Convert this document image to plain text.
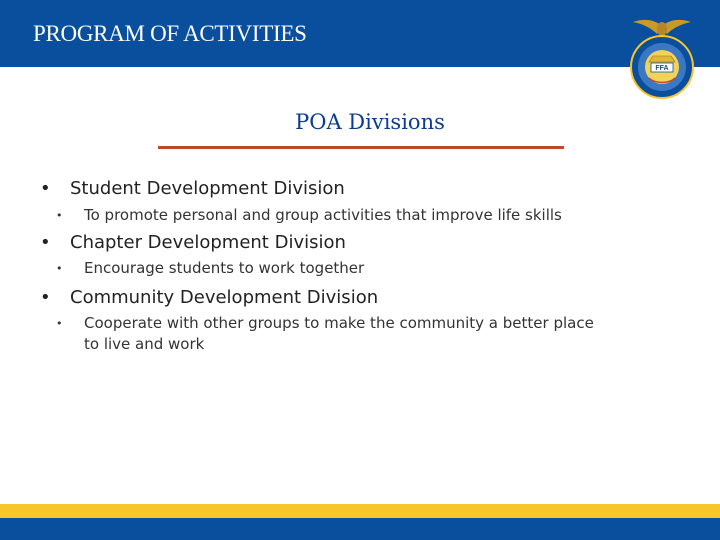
PROGRAM OF ACTIVITIES
FFA
POA Divisions
• Student Development Division
• To promote personal and group activities that improve life skills
• Chapter Development Division
• Encourage students to work together
• Community Development Division
• Cooperate with other groups to make the community a better place to live and work
